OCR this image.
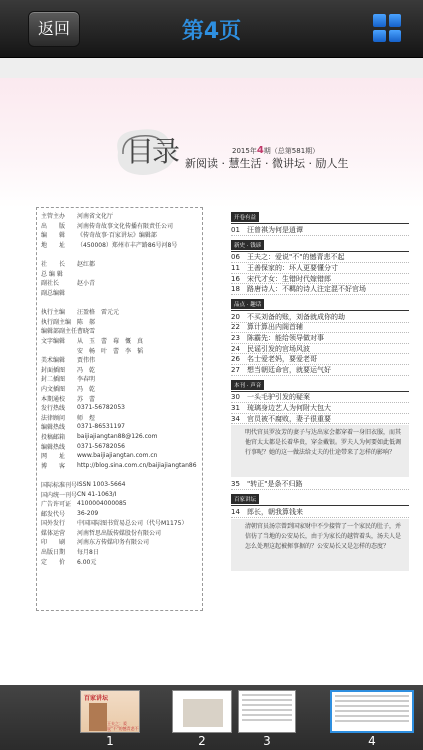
返回	第4页
目录	2015年4期（总第581期）
新阅读 · 慧生活 · 微讲坛 · 励人生
主管主办	河南省文化厅
出　　版	河南传奇故事文化传播有限责任公司
编　　辑	《传奇故事·百家讲坛》编辑部
地　　址	（450008）郑州市丰产路86号河8号
社　　长	赵红都
总 编 辑
副社长	赵小青
副总编辑
执行主编	汪盈格　雷元元
执行副主编 陈　郝
编辑部副主任 曹晓雪
文字编辑	从　玉　蕾　莓　慨　真
安　畅　叶　蕾　李　韬
美术编辑	贾伟伟
封面插图	冯　乾
封二插图	李春明
内文插图	冯　乾
本期通校	苏　蕾
发行热线	0371-56782053
法律顾问	师　煜
编辑热线	0371-86531197
投稿邮箱	baijiajiangtan88@126.com
编辑热线	0371-56782056
网　　址	www.baijiajiangtan.com.cn
博　　客	http://blog.sina.com.cn/baijiajiangtan86
国际标准刊号 ISSN 1003-5664
国内统一刊号 CN 41-1063/I
广告许可证 4100004000085
邮发代号	36-209
国外发行	中国国际图书贸易总公司（代号M1175）
媒体运营	河南哲思出版传媒股份有限公司
印　　刷	河南东方传媒印务有限公司
出版日期	每月8日
定　　价	6.00元
开卷有益
01	汪曾祺为何是逍谭
新史 · 钱谚
06	王夫之：爱说"不"的憾青悲不起
11	王善保家的：坏人更要懂分寸
16	宋代才女：生错时代嫁错郎
18	路唐诗人：不羁的诗人注定混不好官场
品点 · 趣话
20	不买刘备的账，刘备就成你的劫
22	算计算出内阁首辅
23	陈霸先：能给领导做对事
24	民谣引发的官场风波
26	名士爱老妈，要爱老哥
27	想当朝廷命官，就要运气好
本刊 · 声音
30	一头毛驴引发的疑案
31	琉璃身边艺人为何附大包大
34	官员被不腐败，妻子很重要
明代官员罗汝芳的妻子与达出家会都穿着一身旧衣服，而其他官太太都是长着华贵，穿金戴银。罗夫人为何要如此低调行事呢？她的这一做法给丈夫的仕途带来了怎样的影响？
35	"转正"是条不归路
百家讲坛
14	郎长，朝我算钱来
清朝官员汤宗曾到国家财中不少接管了一个家民的肚子，并信彷了当地的公安局长，由于为家长的越管着头，汤夫人是怎么处理这起被揮事据的？公安局长又是怎样的态度？
百家讲坛
王夫之：爱说"不"的憾青悲不
1	2	3	4
